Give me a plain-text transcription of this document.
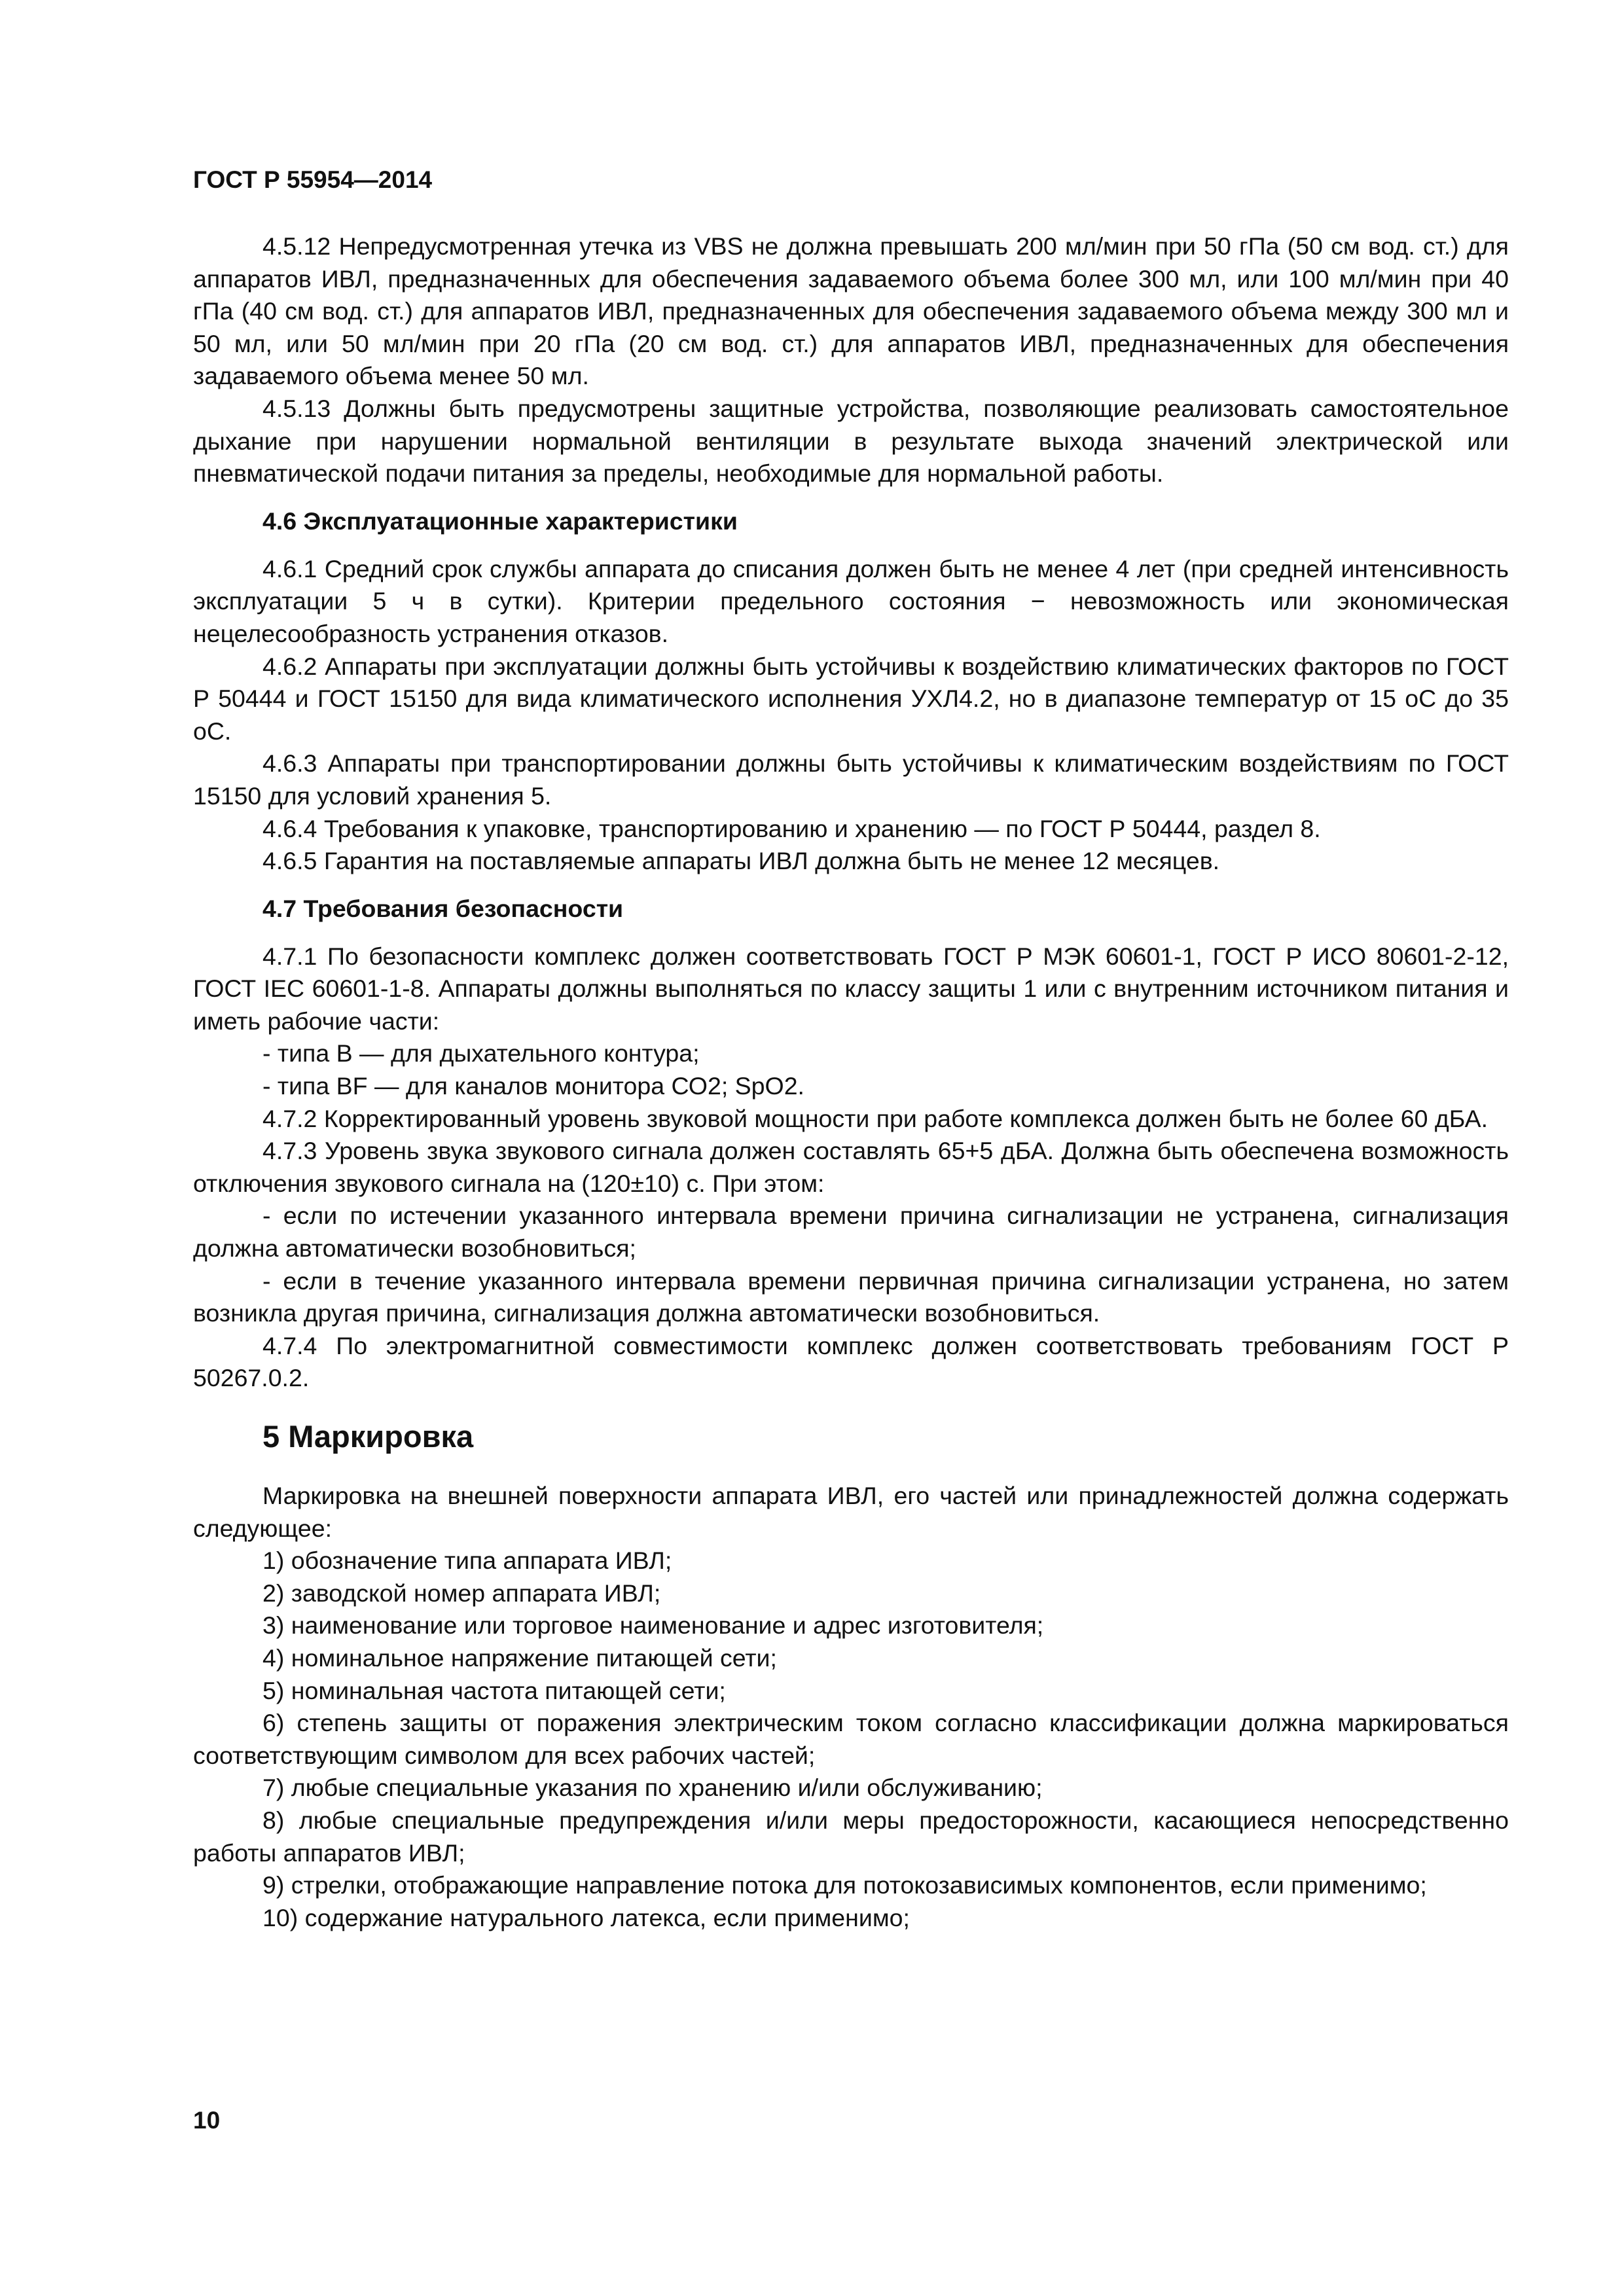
ГОСТ Р 55954—2014

4.5.12 Непредусмотренная утечка из VBS не должна превышать 200 мл/мин при 50 гПа (50 см вод. ст.) для аппаратов ИВЛ, предназначенных для обеспечения задаваемого объема более 300 мл, или 100 мл/мин при 40 гПа (40 см вод. ст.) для аппаратов ИВЛ, предназначенных для обеспечения задаваемого объема между 300 мл и 50 мл, или 50 мл/мин при 20 гПа (20 см вод. ст.) для аппаратов ИВЛ, предназначенных для обеспечения задаваемого объема менее 50 мл.

4.5.13 Должны быть предусмотрены защитные устройства, позволяющие реализовать самостоятельное дыхание при нарушении нормальной вентиляции в результате выхода значений электрической или пневматической подачи питания за пределы, необходимые для нормальной работы.

4.6 Эксплуатационные характеристики

4.6.1 Средний срок службы аппарата до списания должен быть не менее 4 лет (при средней интенсивность эксплуатации 5 ч в сутки). Критерии предельного состояния − невозможность или экономическая нецелесообразность устранения отказов.

4.6.2 Аппараты при эксплуатации должны быть устойчивы к воздействию климатических факторов по ГОСТ Р 50444 и ГОСТ 15150 для вида климатического исполнения УХЛ4.2, но в диапазоне температур от 15 оС до 35 оС.

4.6.3 Аппараты при транспортировании должны быть устойчивы к климатическим воздействиям по ГОСТ 15150 для условий хранения 5.

4.6.4 Требования к упаковке, транспортированию и хранению — по ГОСТ Р 50444, раздел 8.

4.6.5 Гарантия на поставляемые аппараты ИВЛ должна быть не менее 12 месяцев.

4.7 Требования безопасности

4.7.1 По безопасности комплекс должен соответствовать ГОСТ Р МЭК 60601-1, ГОСТ Р ИСО 80601-2-12, ГОСТ IEC 60601-1-8. Аппараты должны выполняться по классу защиты 1 или с внутренним источником питания и иметь рабочие части:

- типа В — для дыхательного контура;

- типа BF — для каналов монитора СО2; SpO2.

4.7.2 Корректированный уровень звуковой мощности при работе комплекса должен быть не более 60 дБА.

4.7.3 Уровень звука звукового сигнала должен составлять 65+5 дБА. Должна быть обеспечена возможность отключения звукового сигнала на (120±10) с. При этом:

- если по истечении указанного интервала времени причина сигнализации не устранена, сигнализация должна автоматически возобновиться;

- если в течение указанного интервала времени первичная причина сигнализации устранена, но затем возникла другая причина, сигнализация должна автоматически возобновиться.

4.7.4 По электромагнитной совместимости комплекс должен соответствовать требованиям ГОСТ Р 50267.0.2.

5 Маркировка

Маркировка на внешней поверхности аппарата ИВЛ, его частей или принадлежностей должна содержать следующее:

1) обозначение типа аппарата ИВЛ;

2) заводской номер аппарата ИВЛ;

3) наименование или торговое наименование и адрес изготовителя;

4) номинальное напряжение питающей сети;

5) номинальная частота питающей сети;

6) степень защиты от поражения электрическим током согласно классификации должна маркироваться соответствующим символом для всех рабочих частей;

7) любые специальные указания по хранению и/или обслуживанию;

8) любые специальные предупреждения и/или меры предосторожности, касающиеся непосредственно работы аппаратов ИВЛ;

9) стрелки, отображающие направление потока для потокозависимых компонентов, если применимо;

10) содержание натурального латекса, если применимо;

10
